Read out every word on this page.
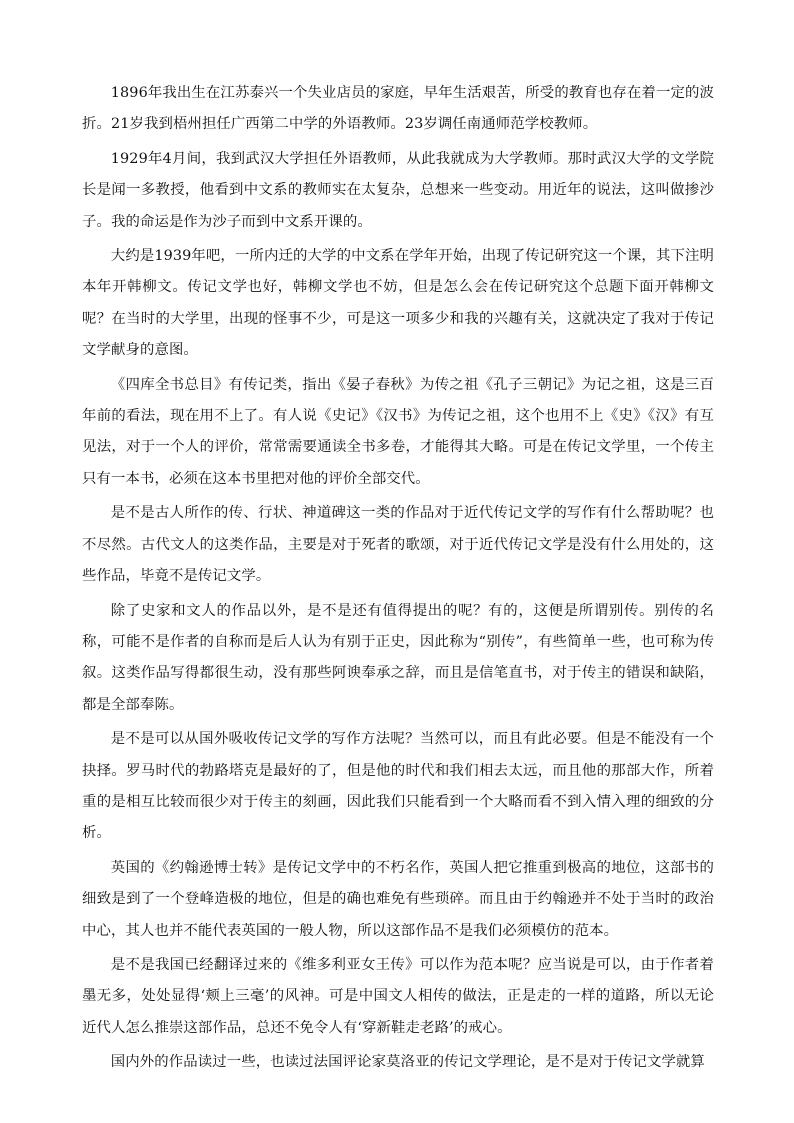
1896年我出生在江苏泰兴一个失业店员的家庭，早年生活艰苦，所受的教育也存在着一定的波折。21岁我到梧州担任广西第二中学的外语教师。23岁调任南通师范学校教师。

1929年4月间，我到武汉大学担任外语教师，从此我就成为大学教师。那时武汉大学的文学院长是闻一多教授，他看到中文系的教师实在太复杂，总想来一些变动。用近年的说法，这叫做掺沙子。我的命运是作为沙子而到中文系开课的。

大约是1939年吧，一所内迁的大学的中文系在学年开始，出现了传记研究这一个课，其下注明本年开韩柳文。传记文学也好，韩柳文学也不妨，但是怎么会在传记研究这个总题下面开韩柳文呢？在当时的大学里，出现的怪事不少，可是这一项多少和我的兴趣有关，这就决定了我对于传记文学献身的意图。

《四库全书总目》有传记类，指出《晏子春秋》为传之祖《孔子三朝记》为记之祖，这是三百年前的看法，现在用不上了。有人说《史记》《汉书》为传记之祖，这个也用不上《史》《汉》有互见法，对于一个人的评价，常常需要通读全书多卷，才能得其大略。可是在传记文学里，一个传主只有一本书，必须在这本书里把对他的评价全部交代。

是不是古人所作的传、行状、神道碑这一类的作品对于近代传记文学的写作有什么帮助呢？也不尽然。古代文人的这类作品，主要是对于死者的歌颂，对于近代传记文学是没有什么用处的，这些作品，毕竟不是传记文学。

除了史家和文人的作品以外，是不是还有值得提出的呢？有的，这便是所谓别传。别传的名称，可能不是作者的自称而是后人认为有别于正史，因此称为“别传”，有些简单一些，也可称为传叙。这类作品写得都很生动，没有那些阿谀奉承之辞，而且是信笔直书，对于传主的错误和缺陷，都是全部奉陈。

是不是可以从国外吸收传记文学的写作方法呢？当然可以，而且有此必要。但是不能没有一个抉择。罗马时代的勃路塔克是最好的了，但是他的时代和我们相去太远，而且他的那部大作，所着重的是相互比较而很少对于传主的刻画，因此我们只能看到一个大略而看不到入情入理的细致的分析。

英国的《约翰逊博士转》是传记文学中的不朽名作，英国人把它推重到极高的地位，这部书的细致是到了一个登峰造极的地位，但是的确也难免有些琐碎。而且由于约翰逊并不处于当时的政治中心，其人也并不能代表英国的一般人物，所以这部作品不是我们必须模仿的范本。

是不是我国已经翻译过来的《维多利亚女王传》可以作为范本呢？应当说是可以，由于作者着墨无多，处处显得‘颊上三毫’的风神。可是中国文人相传的做法，正是走的一样的道路，所以无论近代人怎么推崇这部作品，总还不免令人有‘穿新鞋走老路’的戒心。

国内外的作品读过一些，也读过法国评论家莫洛亚的传记文学理论，是不是对于传记文学就算
